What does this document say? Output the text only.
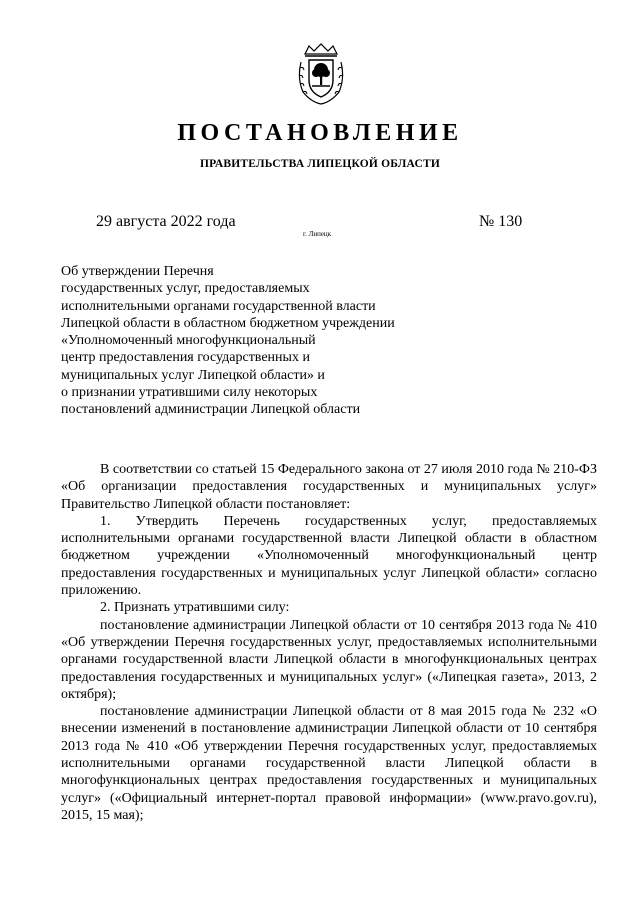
ПОСТАНОВЛЕНИЕ
ПРАВИТЕЛЬСТВА ЛИПЕЦКОЙ ОБЛАСТИ
29 августа 2022 года
г. Липецк
№ 130
Об утверждении Перечня
государственных услуг, предоставляемых
исполнительными органами государственной власти
Липецкой области в областном бюджетном учреждении
«Уполномоченный многофункциональный
центр предоставления государственных и
муниципальных услуг Липецкой области» и
о признании утратившими силу некоторых
постановлений администрации Липецкой области

В соответствии со статьей 15 Федерального закона от 27 июля 2010 года № 210-ФЗ «Об организации предоставления государственных и муниципальных услуг» Правительство Липецкой области постановляет:

1. Утвердить Перечень государственных услуг, предоставляемых исполнительными органами государственной власти Липецкой области в областном бюджетном учреждении «Уполномоченный многофункциональный центр предоставления государственных и муниципальных услуг Липецкой области» согласно приложению.

2. Признать утратившими силу:

постановление администрации Липецкой области от 10 сентября 2013 года № 410 «Об утверждении Перечня государственных услуг, предоставляемых исполнительными органами государственной власти Липецкой области в многофункциональных центрах предоставления государственных и муниципальных услуг» («Липецкая газета», 2013, 2 октября);

постановление администрации Липецкой области от 8 мая 2015 года № 232 «О внесении изменений в постановление администрации Липецкой области от 10 сентября 2013 года № 410 «Об утверждении Перечня государственных услуг, предоставляемых исполнительными органами государственной власти Липецкой области в многофункциональных центрах предоставления государственных и муниципальных услуг» («Официальный интернет-портал правовой информации» (www.pravo.gov.ru), 2015, 15 мая);
